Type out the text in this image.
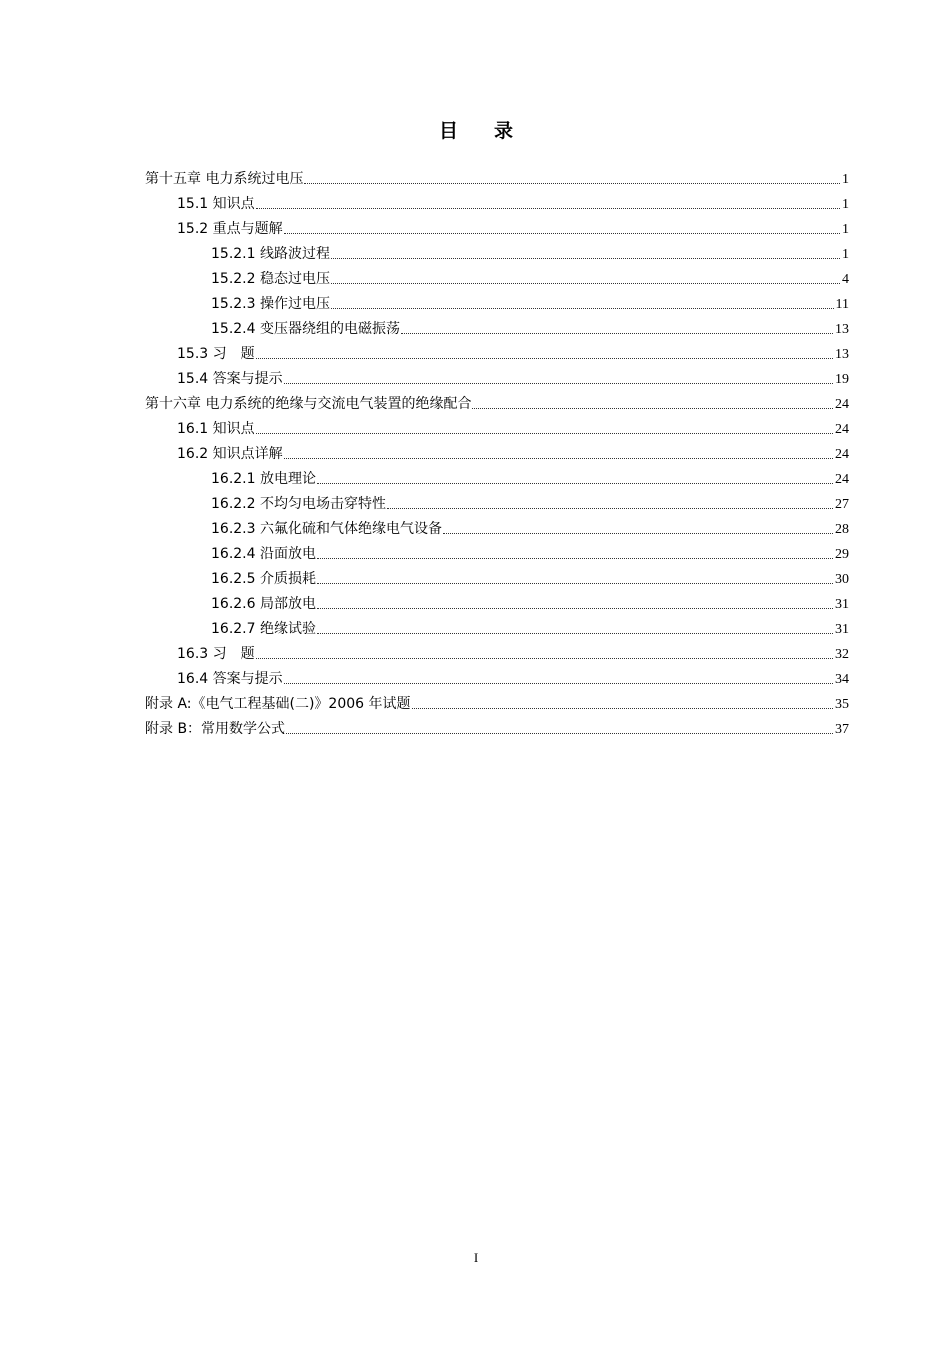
目 录
第十五章 电力系统过电压	1
15.1 知识点	1
15.2 重点与题解	1
15.2.1 线路波过程	1
15.2.2 稳态过电压	4
15.2.3 操作过电压	11
15.2.4 变压器绕组的电磁振荡	13
15.3 习　题	13
15.4 答案与提示	19
第十六章 电力系统的绝缘与交流电气装置的绝缘配合	24
16.1 知识点	24
16.2 知识点详解	24
16.2.1 放电理论	24
16.2.2 不均匀电场击穿特性	27
16.2.3 六氟化硫和气体绝缘电气设备	28
16.2.4 沿面放电	29
16.2.5 介质损耗	30
16.2.6 局部放电	31
16.2.7 绝缘试验	31
16.3 习　题	32
16.4 答案与提示	34
附录 A:《电气工程基础(二)》2006 年试题	35
附录 B：常用数学公式	37
I
